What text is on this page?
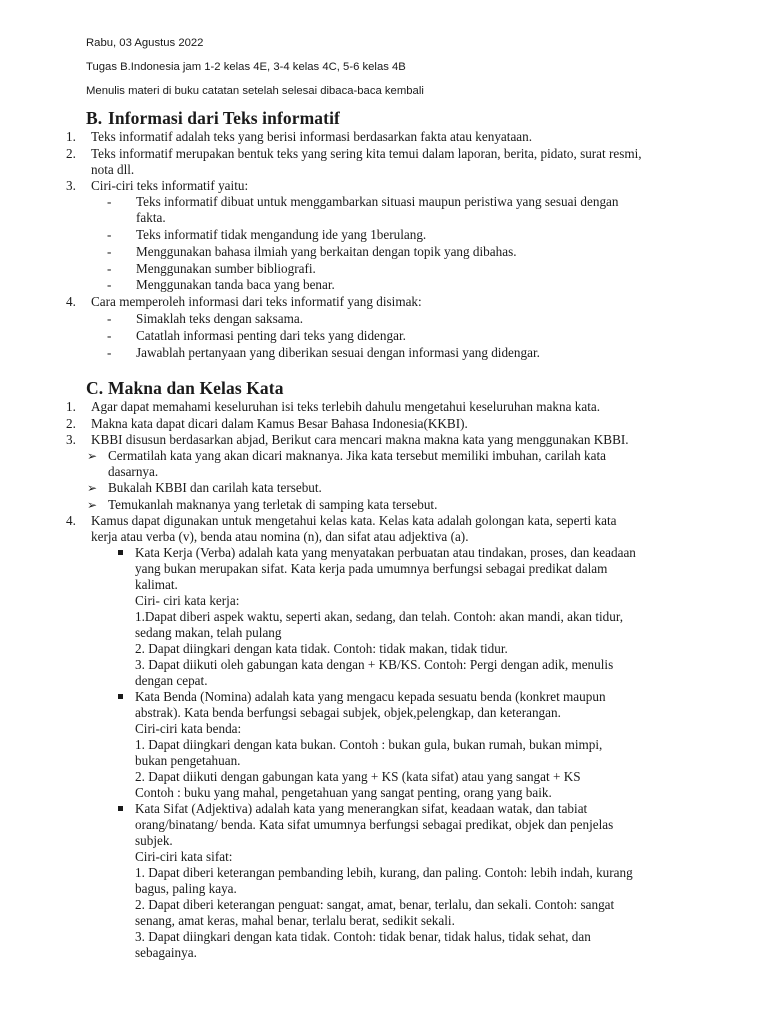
Rabu, 03 Agustus 2022
Tugas B.Indonesia jam 1-2 kelas 4E, 3-4 kelas 4C, 5-6 kelas 4B
Menulis materi di buku catatan setelah selesai dibaca-baca kembali
B. Informasi dari Teks informatif
1. Teks informatif adalah teks yang berisi informasi berdasarkan fakta atau kenyataan.
2. Teks informatif merupakan bentuk teks yang sering kita temui dalam laporan, berita, pidato, surat resmi,
nota dll.
3. Ciri-ciri teks informatif yaitu:
- Teks informatif dibuat untuk menggambarkan situasi maupun peristiwa yang sesuai dengan
fakta.
- Teks informatif tidak mengandung ide yang 1berulang.
- Menggunakan bahasa ilmiah yang berkaitan dengan topik yang dibahas.
- Menggunakan sumber bibliografi.
- Menggunakan tanda baca yang benar.
4. Cara memperoleh informasi dari teks informatif yang disimak:
- Simaklah teks dengan saksama.
- Catatlah informasi penting dari teks yang didengar.
- Jawablah pertanyaan yang diberikan sesuai dengan informasi yang didengar.
C. Makna dan Kelas Kata
1. Agar dapat memahami keseluruhan isi teks terlebih dahulu mengetahui keseluruhan makna kata.
2. Makna kata dapat dicari dalam Kamus Besar Bahasa Indonesia(KKBI).
3. KBBI disusun berdasarkan abjad, Berikut cara mencari makna makna kata yang menggunakan KBBI.
➢ Cermatilah kata yang akan dicari maknanya. Jika kata tersebut memiliki imbuhan, carilah kata
dasarnya.
➢ Bukalah KBBI dan carilah kata tersebut.
➢ Temukanlah maknanya yang terletak di samping kata tersebut.
4. Kamus dapat digunakan untuk mengetahui kelas kata. Kelas kata adalah golongan kata, seperti kata
kerja atau verba (v), benda atau nomina (n), dan sifat atau adjektiva (a).
Kata Kerja (Verba) adalah kata yang menyatakan perbuatan atau tindakan, proses, dan keadaan
yang bukan merupakan sifat. Kata kerja pada umumnya berfungsi sebagai predikat dalam
kalimat.
Ciri- ciri kata kerja:
1.Dapat diberi aspek waktu, seperti akan, sedang, dan telah. Contoh: akan mandi, akan tidur,
sedang makan, telah pulang
2. Dapat diingkari dengan kata tidak. Contoh: tidak makan, tidak tidur.
3. Dapat diikuti oleh gabungan kata dengan + KB/KS. Contoh: Pergi dengan adik, menulis
dengan cepat.
Kata Benda (Nomina) adalah kata yang mengacu kepada sesuatu benda (konkret maupun
abstrak). Kata benda berfungsi sebagai subjek, objek,pelengkap, dan keterangan.
Ciri-ciri kata benda:
1. Dapat diingkari dengan kata bukan. Contoh : bukan gula, bukan rumah, bukan mimpi,
bukan pengetahuan.
2. Dapat diikuti dengan gabungan kata yang + KS (kata sifat) atau yang sangat + KS
Contoh : buku yang mahal, pengetahuan yang sangat penting, orang yang baik.
Kata Sifat (Adjektiva) adalah kata yang menerangkan sifat, keadaan watak, dan tabiat
orang/binatang/ benda. Kata sifat umumnya berfungsi sebagai predikat, objek dan penjelas
subjek.
Ciri-ciri kata sifat:
1. Dapat diberi keterangan pembanding lebih, kurang, dan paling. Contoh: lebih indah, kurang
bagus, paling kaya.
2. Dapat diberi keterangan penguat: sangat, amat, benar, terlalu, dan sekali. Contoh: sangat
senang, amat keras, mahal benar, terlalu berat, sedikit sekali.
3. Dapat diingkari dengan kata tidak. Contoh: tidak benar, tidak halus, tidak sehat, dan
sebagainya.
